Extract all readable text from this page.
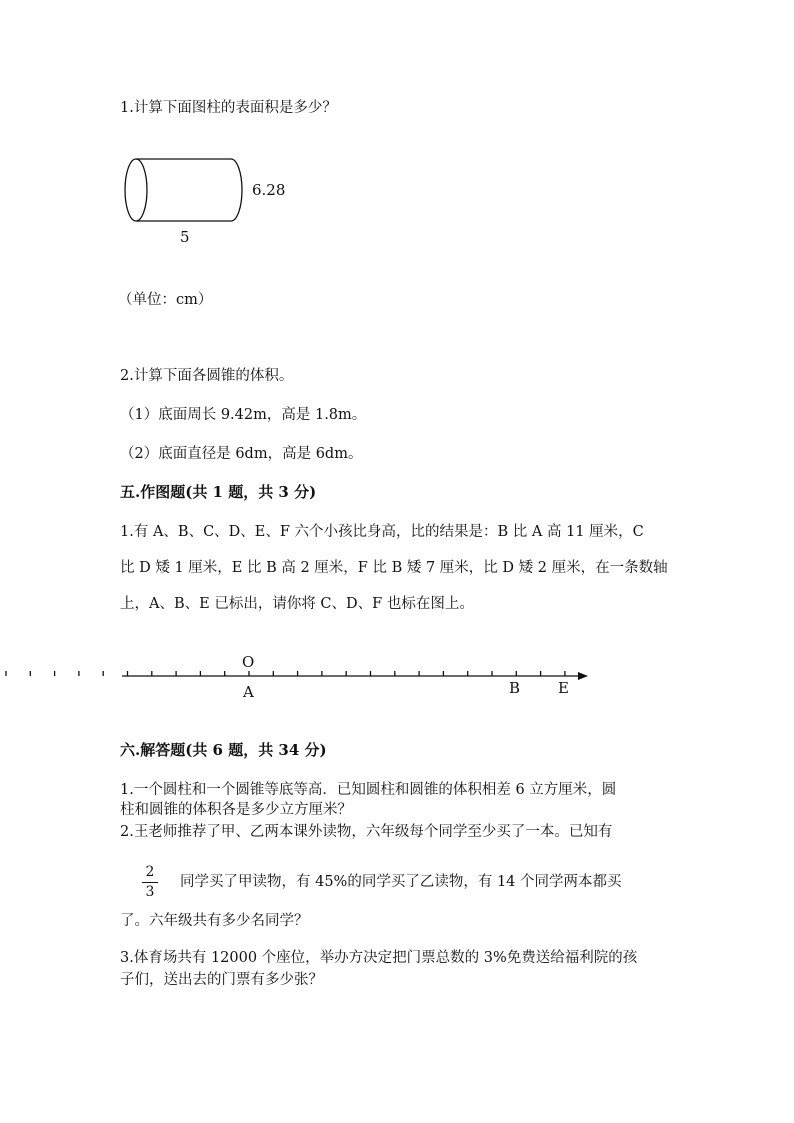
1.计算下面图柱的表面积是多少？
6.28
5
（单位：cm）
2.计算下面各圆锥的体积。
（1）底面周长 9.42m，高是 1.8m。
（2）底面直径是 6dm，高是 6dm。
五.作图题(共 1 题，共 3 分)
1.有 A、B、C、D、E、F 六个小孩比身高，比的结果是：B 比 A 高 11 厘米，C
比 D 矮 1 厘米，E 比 B 高 2 厘米，F 比 B 矮 7 厘米，比 D 矮 2 厘米，在一条数轴
上，A、B、E 已标出，请你将 C、D、F 也标在图上。
O
A	B	E
六.解答题(共 6 题，共 34 分)
1.一个圆柱和一个圆锥等底等高．已知圆柱和圆锥的体积相差 6 立方厘米，圆
柱和圆锥的体积各是多少立方厘米？
2.王老师推荐了甲、乙两本课外读物，六年级每个同学至少买了一本。已知有
2
3
同学买了甲读物，有 45%的同学买了乙读物，有 14 个同学两本都买
了。六年级共有多少名同学？
3.体育场共有 12000 个座位，举办方决定把门票总数的 3%免费送给福利院的孩
子们，送出去的门票有多少张？
